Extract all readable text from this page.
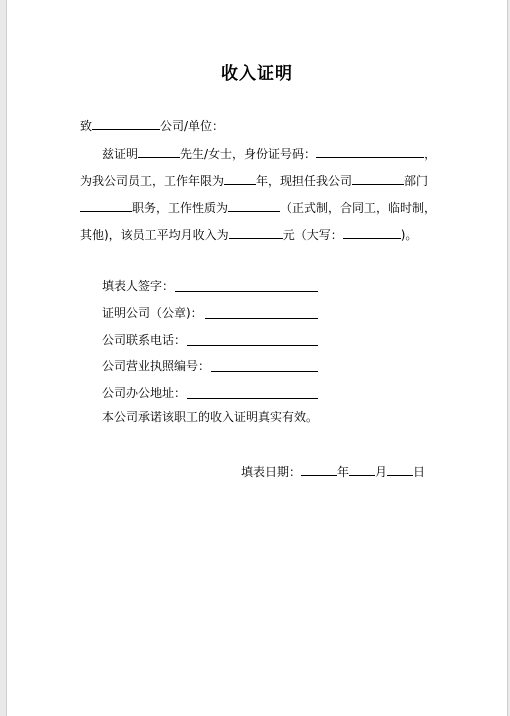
收入证明
致	公司/单位：
兹证明	先生/女士，身份证号码：	，
为我公司员工，工作年限为	年，现担任我公司	部门
职务，工作性质为	（正式制，合同工，临时制，
其他)，该员工平均月收入为	元（大写：	)。
填表人签字：
证明公司（公章)：
公司联系电话：
公司营业执照编号：
公司办公地址：
本公司承诺该职工的收入证明真实有效。
填表日期：	年 月 日
